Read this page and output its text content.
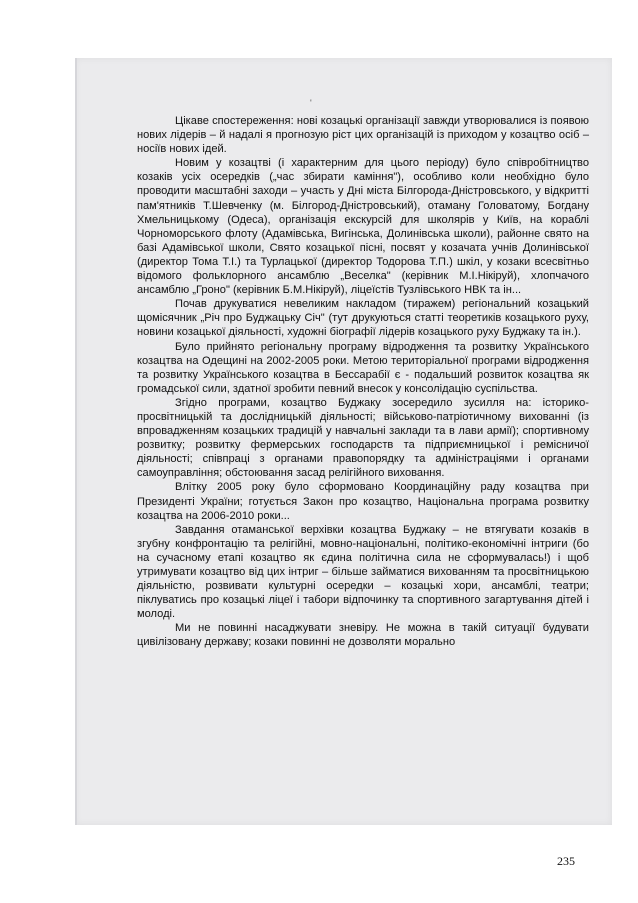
'

Цікаве спостереження: нові козацькі організації завжди утворювалися із появою нових лідерів – й надалі я прогнозую ріст цих організацій із приходом у козацтво осіб – носіїв нових ідей.

Новим у козацтві (і характерним для цього періоду) було співробітництво козаків усіх осередків („час збирати каміння"), особливо коли необхідно було проводити масштабні заходи – участь у Дні міста Білгорода-Дністровського, у відкритті пам'ятників Т.Шевченку (м. Білгород-Дністровський), отаману Головатому, Богдану Хмельницькому (Одеса), організація екскурсій для школярів у Київ, на кораблі Чорноморського флоту (Адамівська, Вигінська, Долинівська школи), районне свято на базі Адамівської школи, Свято козацької пісні, посвят у козачата учнів Долинівської (директор Тома Т.І.) та Турлацької (директор Тодорова Т.П.) шкіл, у козаки всесвітньо відомого фольклорного ансамблю „Веселка" (керівник М.І.Нікіруй), хлопчачого ансамблю „Гроно" (керівник Б.М.Нікіруй), ліцеїстів Тузлівського НВК та ін...

Почав друкуватися невеликим накладом (тиражем) регіональний козацький щомісячник „Річ про Буджацьку Січ" (тут друкуються статті теоретиків козацького руху, новини козацької діяльності, художні біографії лідерів козацького руху Буджаку та ін.).

Було прийнято регіональну програму відродження та розвитку Українського козацтва на Одещині на 2002-2005 роки. Метою територіальної програми відродження та розвитку Українського козацтва в Бессарабії є - подальший розвиток козацтва як громадської сили, здатної зробити певний внесок у консолідацію суспільства.

Згідно програми, козацтво Буджаку зосередило зусилля на: історико-просвітницькій та дослідницькій діяльності; військово-патріотичному вихованні (із впровадженням козацьких традицій у навчальні заклади та в лави армії); спортивному розвитку; розвитку фермерських господарств та підприємницької і ремісничої діяльності; співпраці з органами правопорядку та адміністраціями і органами самоуправління; обстоювання засад релігійного виховання.

Влітку 2005 року було сформовано Координаційну раду козацтва при Президенті України; готується Закон про козацтво, Національна програма розвитку козацтва на 2006-2010 роки...

Завдання отаманської верхівки козацтва Буджаку – не втягувати козаків в згубну конфронтацію та релігійні, мовно-національні, політико-економічні інтриги (бо на сучасному етапі козацтво як єдина політична сила не сформувалась!) і щоб утримувати козацтво від цих інтриг – більше займатися вихованням та просвітницькою діяльністю, розвивати культурні осередки – козацькі хори, ансамблі, театри; піклуватись про козацькі ліцеї і табори відпочинку та спортивного загартування дітей і молоді.

Ми не повинні насаджувати зневіру. Не можна в такій ситуації будувати цивілізовану державу; козаки повинні не дозволяти морально

235
